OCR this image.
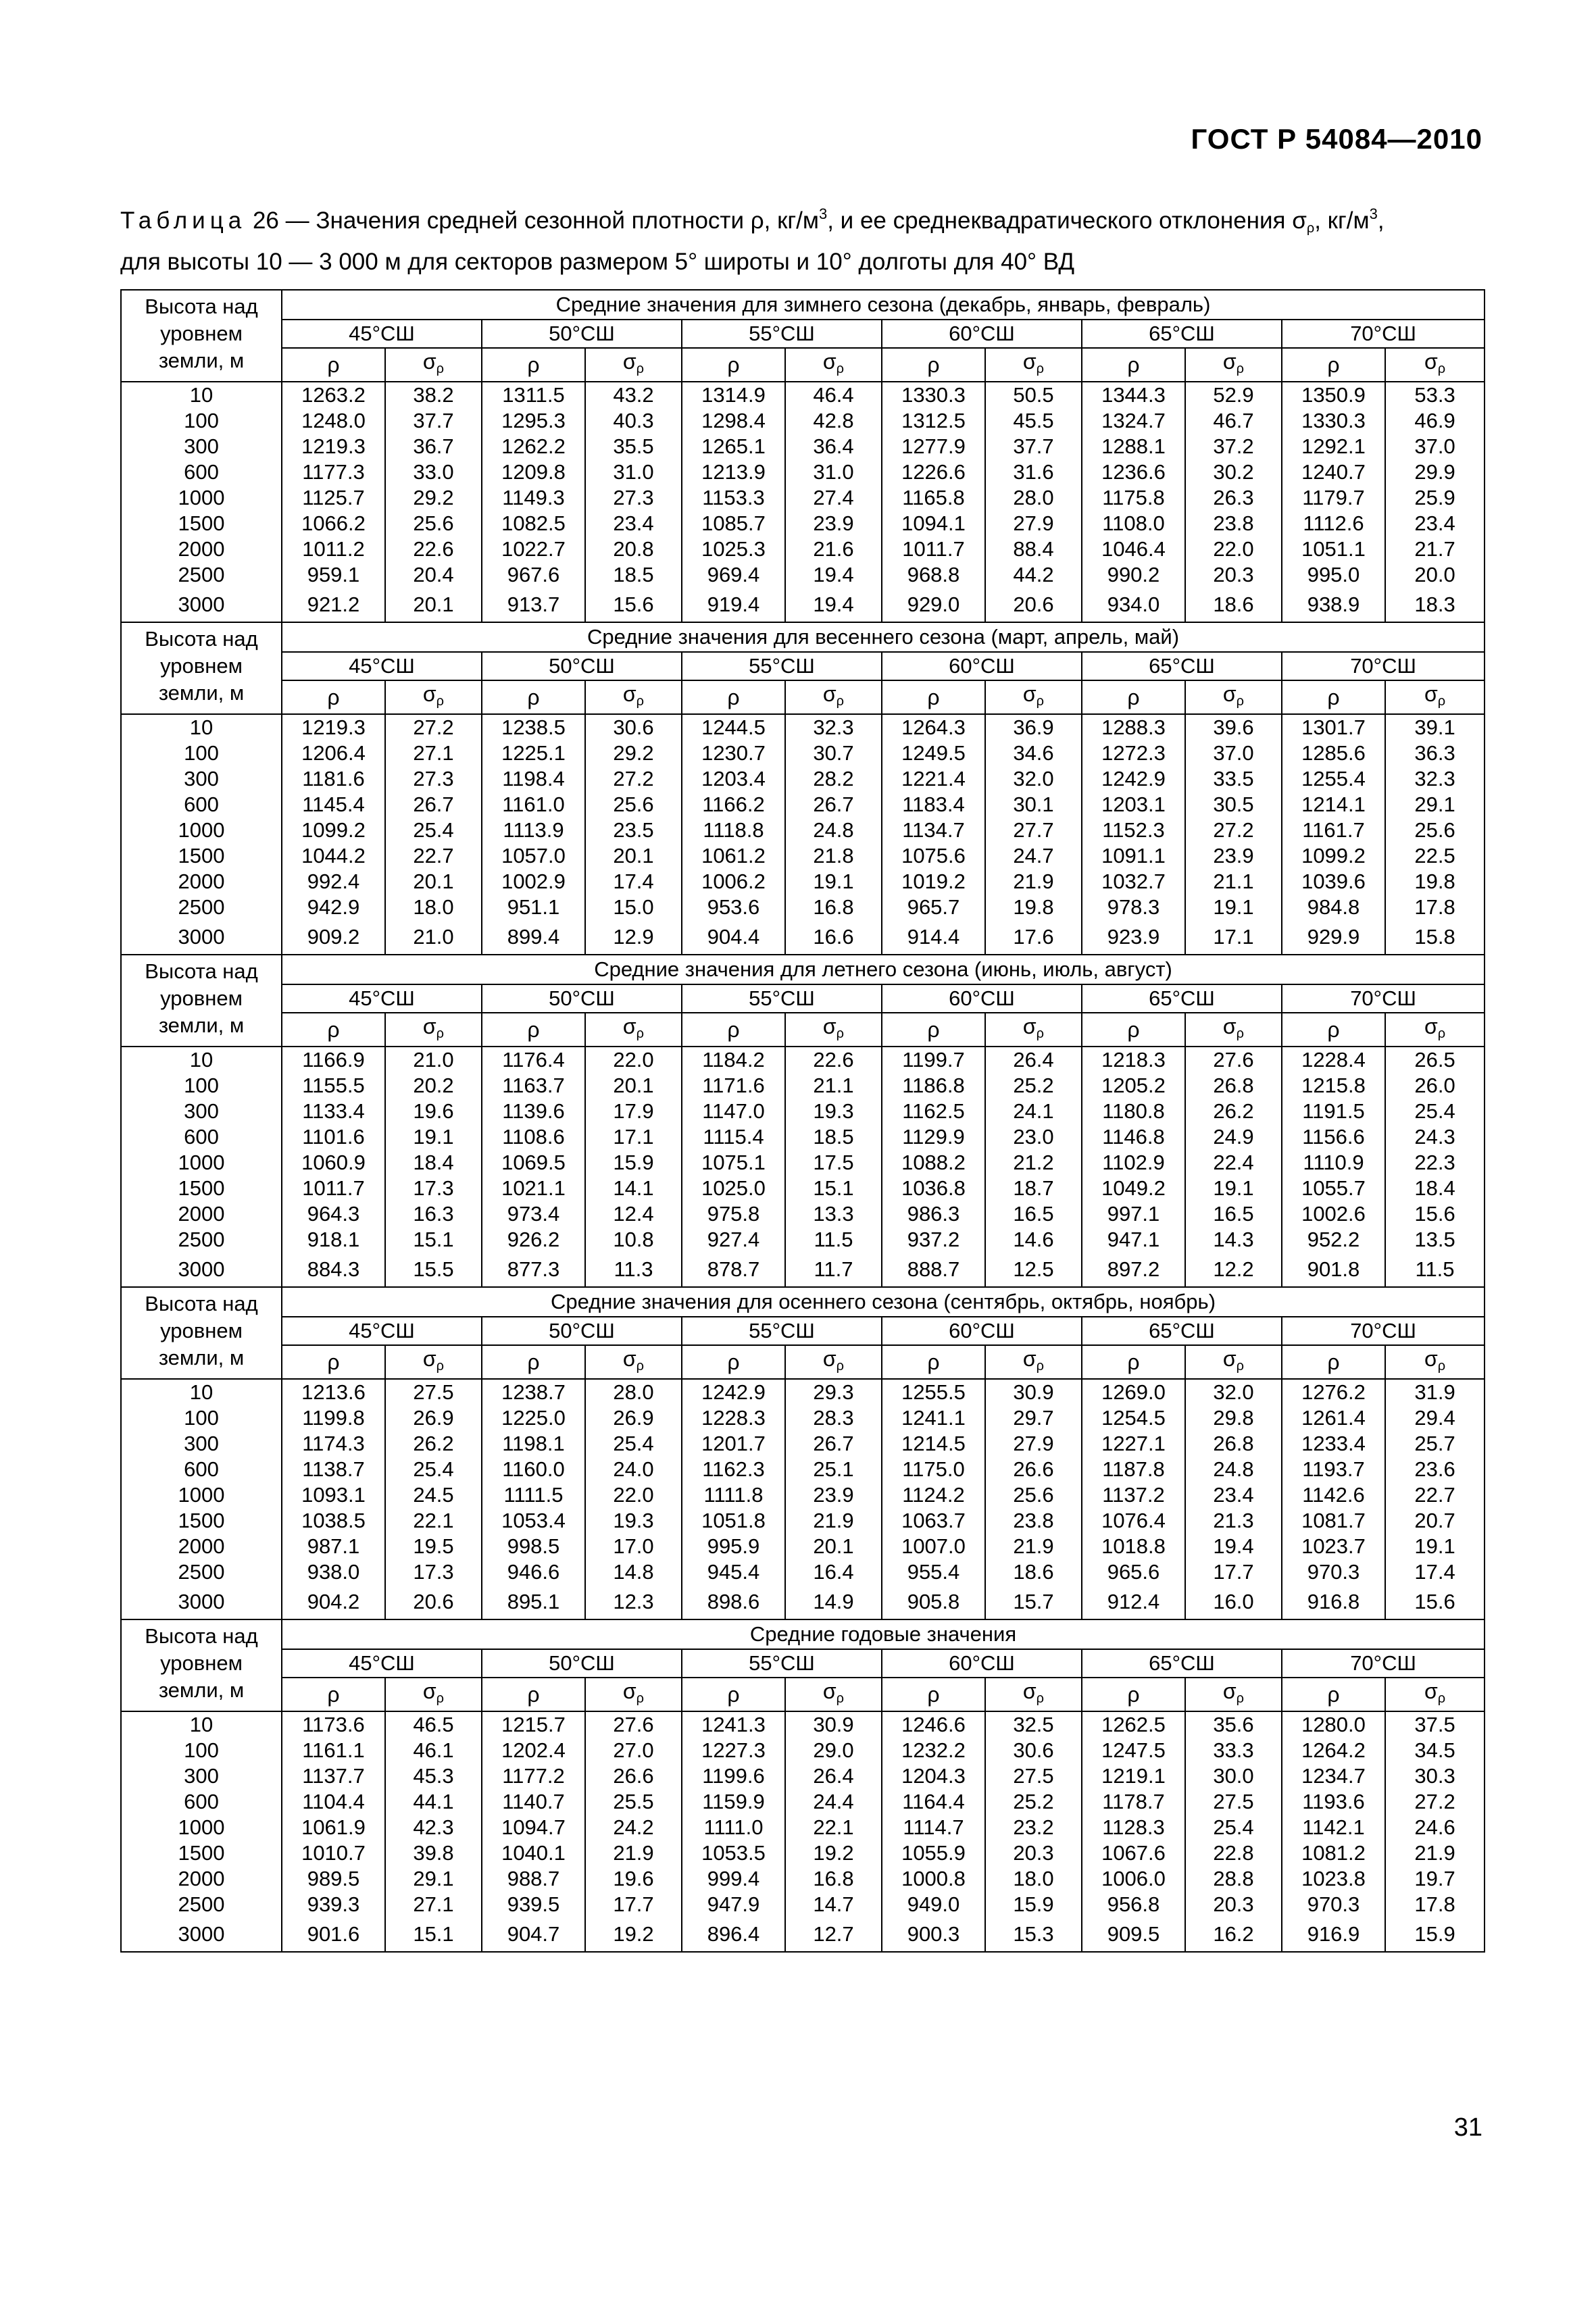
ГОСТ Р 54084—2010
Таблица 26 — Значения средней сезонной плотности ρ, $кг/м^3$, и ее среднеквадратического отклонения $\sigma_\rho$, $кг/м^3$,
для высоты 10 — 3 000 м для секторов размером 5° широты и 10° долготы для 40° ВД
Высота над уровнем земли, м	Средние значения для зимнего сезона (декабрь, январь, февраль)											
	45°СШ		50°СШ		55°СШ		60°СШ		65°СШ		70°СШ	
	ρ	$\sigma_\rho$	ρ	$\sigma_\rho$	ρ	$\sigma_\rho$	ρ	$\sigma_\rho$	ρ	$\sigma_\rho$	ρ	$\sigma_\rho$
10	1263.2	38.2	1311.5	43.2	1314.9	46.4	1330.3	50.5	1344.3	52.9	1350.9	53.3
100	1248.0	37.7	1295.3	40.3	1298.4	42.8	1312.5	45.5	1324.7	46.7	1330.3	46.9
300	1219.3	36.7	1262.2	35.5	1265.1	36.4	1277.9	37.7	1288.1	37.2	1292.1	37.0
600	1177.3	33.0	1209.8	31.0	1213.9	31.0	1226.6	31.6	1236.6	30.2	1240.7	29.9
1000	1125.7	29.2	1149.3	27.3	1153.3	27.4	1165.8	28.0	1175.8	26.3	1179.7	25.9
1500	1066.2	25.6	1082.5	23.4	1085.7	23.9	1094.1	27.9	1108.0	23.8	1112.6	23.4
2000	1011.2	22.6	1022.7	20.8	1025.3	21.6	1011.7	88.4	1046.4	22.0	1051.1	21.7
2500	959.1	20.4	967.6	18.5	969.4	19.4	968.8	44.2	990.2	20.3	995.0	20.0
3000	921.2	20.1	913.7	15.6	919.4	19.4	929.0	20.6	934.0	18.6	938.9	18.3
Высота над уровнем земли, м	Средние значения для весеннего сезона (март, апрель, май)											
	45°СШ		50°СШ		55°СШ		60°СШ		65°СШ		70°СШ	
	ρ	$\sigma_\rho$	ρ	$\sigma_\rho$	ρ	$\sigma_\rho$	ρ	$\sigma_\rho$	ρ	$\sigma_\rho$	ρ	$\sigma_\rho$
10	1219.3	27.2	1238.5	30.6	1244.5	32.3	1264.3	36.9	1288.3	39.6	1301.7	39.1
100	1206.4	27.1	1225.1	29.2	1230.7	30.7	1249.5	34.6	1272.3	37.0	1285.6	36.3
300	1181.6	27.3	1198.4	27.2	1203.4	28.2	1221.4	32.0	1242.9	33.5	1255.4	32.3
600	1145.4	26.7	1161.0	25.6	1166.2	26.7	1183.4	30.1	1203.1	30.5	1214.1	29.1
1000	1099.2	25.4	1113.9	23.5	1118.8	24.8	1134.7	27.7	1152.3	27.2	1161.7	25.6
1500	1044.2	22.7	1057.0	20.1	1061.2	21.8	1075.6	24.7	1091.1	23.9	1099.2	22.5
2000	992.4	20.1	1002.9	17.4	1006.2	19.1	1019.2	21.9	1032.7	21.1	1039.6	19.8
2500	942.9	18.0	951.1	15.0	953.6	16.8	965.7	19.8	978.3	19.1	984.8	17.8
3000	909.2	21.0	899.4	12.9	904.4	16.6	914.4	17.6	923.9	17.1	929.9	15.8
Высота над уровнем земли, м	Средние значения для летнего сезона (июнь, июль, август)											
	45°СШ		50°СШ		55°СШ		60°СШ		65°СШ		70°СШ	
	ρ	$\sigma_\rho$	ρ	$\sigma_\rho$	ρ	$\sigma_\rho$	ρ	$\sigma_\rho$	ρ	$\sigma_\rho$	ρ	$\sigma_\rho$
10	1166.9	21.0	1176.4	22.0	1184.2	22.6	1199.7	26.4	1218.3	27.6	1228.4	26.5
100	1155.5	20.2	1163.7	20.1	1171.6	21.1	1186.8	25.2	1205.2	26.8	1215.8	26.0
300	1133.4	19.6	1139.6	17.9	1147.0	19.3	1162.5	24.1	1180.8	26.2	1191.5	25.4
600	1101.6	19.1	1108.6	17.1	1115.4	18.5	1129.9	23.0	1146.8	24.9	1156.6	24.3
1000	1060.9	18.4	1069.5	15.9	1075.1	17.5	1088.2	21.2	1102.9	22.4	1110.9	22.3
1500	1011.7	17.3	1021.1	14.1	1025.0	15.1	1036.8	18.7	1049.2	19.1	1055.7	18.4
2000	964.3	16.3	973.4	12.4	975.8	13.3	986.3	16.5	997.1	16.5	1002.6	15.6
2500	918.1	15.1	926.2	10.8	927.4	11.5	937.2	14.6	947.1	14.3	952.2	13.5
3000	884.3	15.5	877.3	11.3	878.7	11.7	888.7	12.5	897.2	12.2	901.8	11.5
Высота над уровнем земли, м	Средние значения для осеннего сезона (сентябрь, октябрь, ноябрь)											
	45°СШ		50°СШ		55°СШ		60°СШ		65°СШ		70°СШ	
	ρ	$\sigma_\rho$	ρ	$\sigma_\rho$	ρ	$\sigma_\rho$	ρ	$\sigma_\rho$	ρ	$\sigma_\rho$	ρ	$\sigma_\rho$
10	1213.6	27.5	1238.7	28.0	1242.9	29.3	1255.5	30.9	1269.0	32.0	1276.2	31.9
100	1199.8	26.9	1225.0	26.9	1228.3	28.3	1241.1	29.7	1254.5	29.8	1261.4	29.4
300	1174.3	26.2	1198.1	25.4	1201.7	26.7	1214.5	27.9	1227.1	26.8	1233.4	25.7
600	1138.7	25.4	1160.0	24.0	1162.3	25.1	1175.0	26.6	1187.8	24.8	1193.7	23.6
1000	1093.1	24.5	1111.5	22.0	1111.8	23.9	1124.2	25.6	1137.2	23.4	1142.6	22.7
1500	1038.5	22.1	1053.4	19.3	1051.8	21.9	1063.7	23.8	1076.4	21.3	1081.7	20.7
2000	987.1	19.5	998.5	17.0	995.9	20.1	1007.0	21.9	1018.8	19.4	1023.7	19.1
2500	938.0	17.3	946.6	14.8	945.4	16.4	955.4	18.6	965.6	17.7	970.3	17.4
3000	904.2	20.6	895.1	12.3	898.6	14.9	905.8	15.7	912.4	16.0	916.8	15.6
Высота над уровнем земли, м	Средние годовые значения											
	45°СШ		50°СШ		55°СШ		60°СШ		65°СШ		70°СШ	
	ρ	$\sigma_\rho$	ρ	$\sigma_\rho$	ρ	$\sigma_\rho$	ρ	$\sigma_\rho$	ρ	$\sigma_\rho$	ρ	$\sigma_\rho$
10	1173.6	46.5	1215.7	27.6	1241.3	30.9	1246.6	32.5	1262.5	35.6	1280.0	37.5
100	1161.1	46.1	1202.4	27.0	1227.3	29.0	1232.2	30.6	1247.5	33.3	1264.2	34.5
300	1137.7	45.3	1177.2	26.6	1199.6	26.4	1204.3	27.5	1219.1	30.0	1234.7	30.3
600	1104.4	44.1	1140.7	25.5	1159.9	24.4	1164.4	25.2	1178.7	27.5	1193.6	27.2
1000	1061.9	42.3	1094.7	24.2	1111.0	22.1	1114.7	23.2	1128.3	25.4	1142.1	24.6
1500	1010.7	39.8	1040.1	21.9	1053.5	19.2	1055.9	20.3	1067.6	22.8	1081.2	21.9
2000	989.5	29.1	988.7	19.6	999.4	16.8	1000.8	18.0	1006.0	28.8	1023.8	19.7
2500	939.3	27.1	939.5	17.7	947.9	14.7	949.0	15.9	956.8	20.3	970.3	17.8
3000	901.6	15.1	904.7	19.2	896.4	12.7	900.3	15.3	909.5	16.2	916.9	15.9
31
